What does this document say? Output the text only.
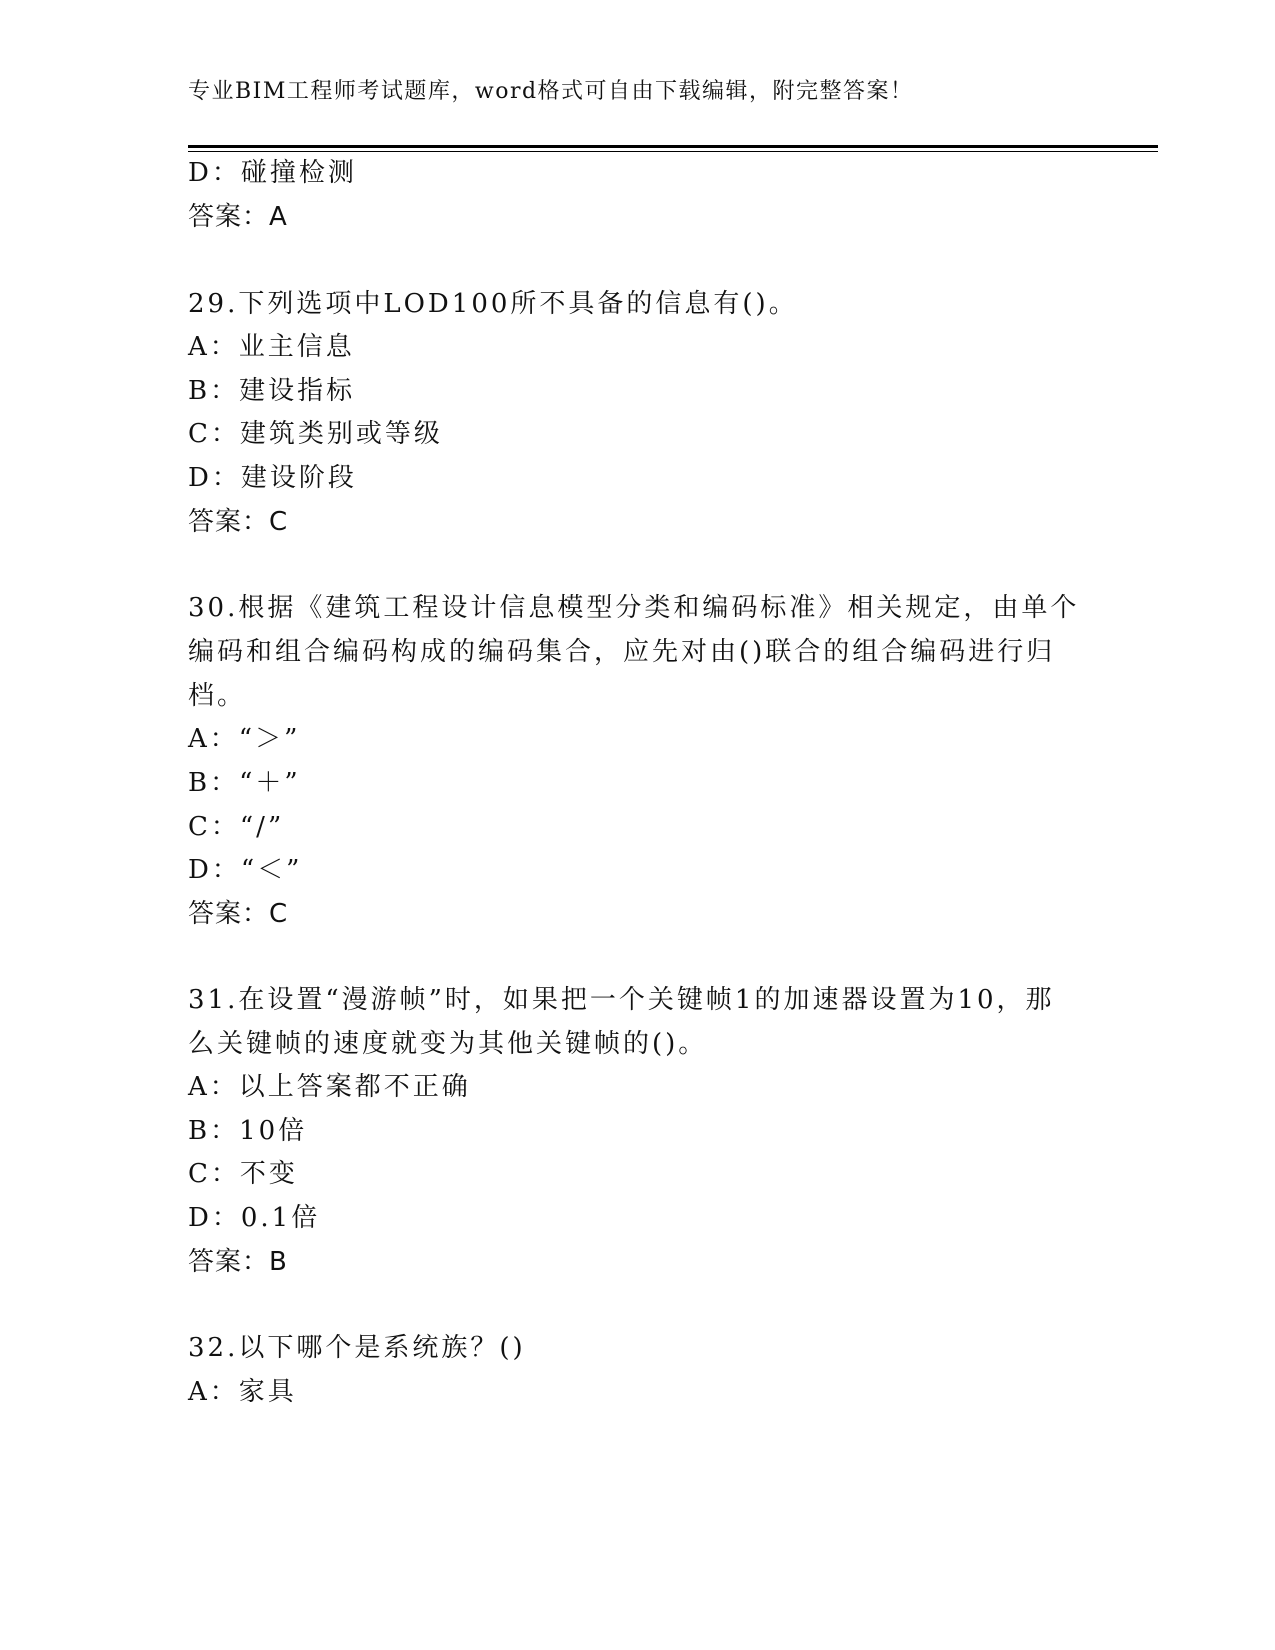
专业BIM工程师考试题库，word格式可自由下载编辑，附完整答案！
D：碰撞检测
答案：A
29.下列选项中LOD100所不具备的信息有()。
A：业主信息
B：建设指标
C：建筑类别或等级
D：建设阶段
答案：C
30.根据《建筑工程设计信息模型分类和编码标准》相关规定，由单个
编码和组合编码构成的编码集合，应先对由()联合的组合编码进行归
档。
A：“＞”
B：“＋”
C：“/”
D：“＜”
答案：C
31.在设置“漫游帧”时，如果把一个关键帧1的加速器设置为10，那
么关键帧的速度就变为其他关键帧的()。
A：以上答案都不正确
B：10倍
C：不变
D：0.1倍
答案：B
32.以下哪个是系统族？()
A：家具
